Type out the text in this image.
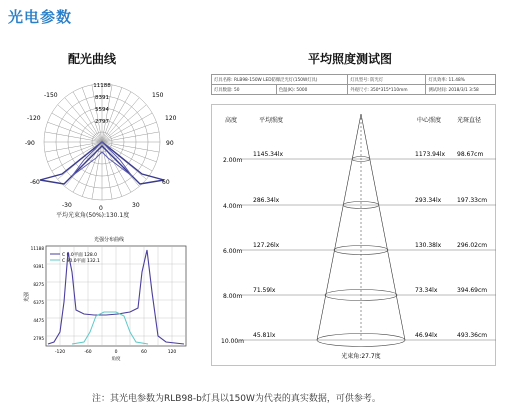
光电参数
配光曲线
11188
8391
5594
2797
-150	150
-120	120
-90	90
-60	60
-30	30
0
平均光束角(50%):130.1度
光强分布曲线
C 0.0平面 128.0
C 90.0平面 132.1
光强
11188
9391
8275
6375
4475
2795
-120	-60	0	60	120
角度
平均照度测试图
灯具名称: RLB98-150W LED防爆泛光灯(150W灯具)		灯具型号: 防光灯	灯具效率: 11.48%
灯具数量: 50	色温(K): 5000	外观尺寸: 350*315*110mm	测试时间: 2018/3/1 3:58
高度	平均照度	中心照度	光斑直径
2.00m
1145.34lx	1173.94lx 98.67cm
4.00m
286.34lx	293.34lx	197.33cm
6.00m
127.26lx	130.38lx	296.02cm
8.00m
71.59lx	73.34lx	394.69cm
10.00m
45.81lx	46.94lx	493.36cm
光束角:27.7度
注：其光电参数为RLB98-b灯具以150W为代表的真实数据，可供参考。
